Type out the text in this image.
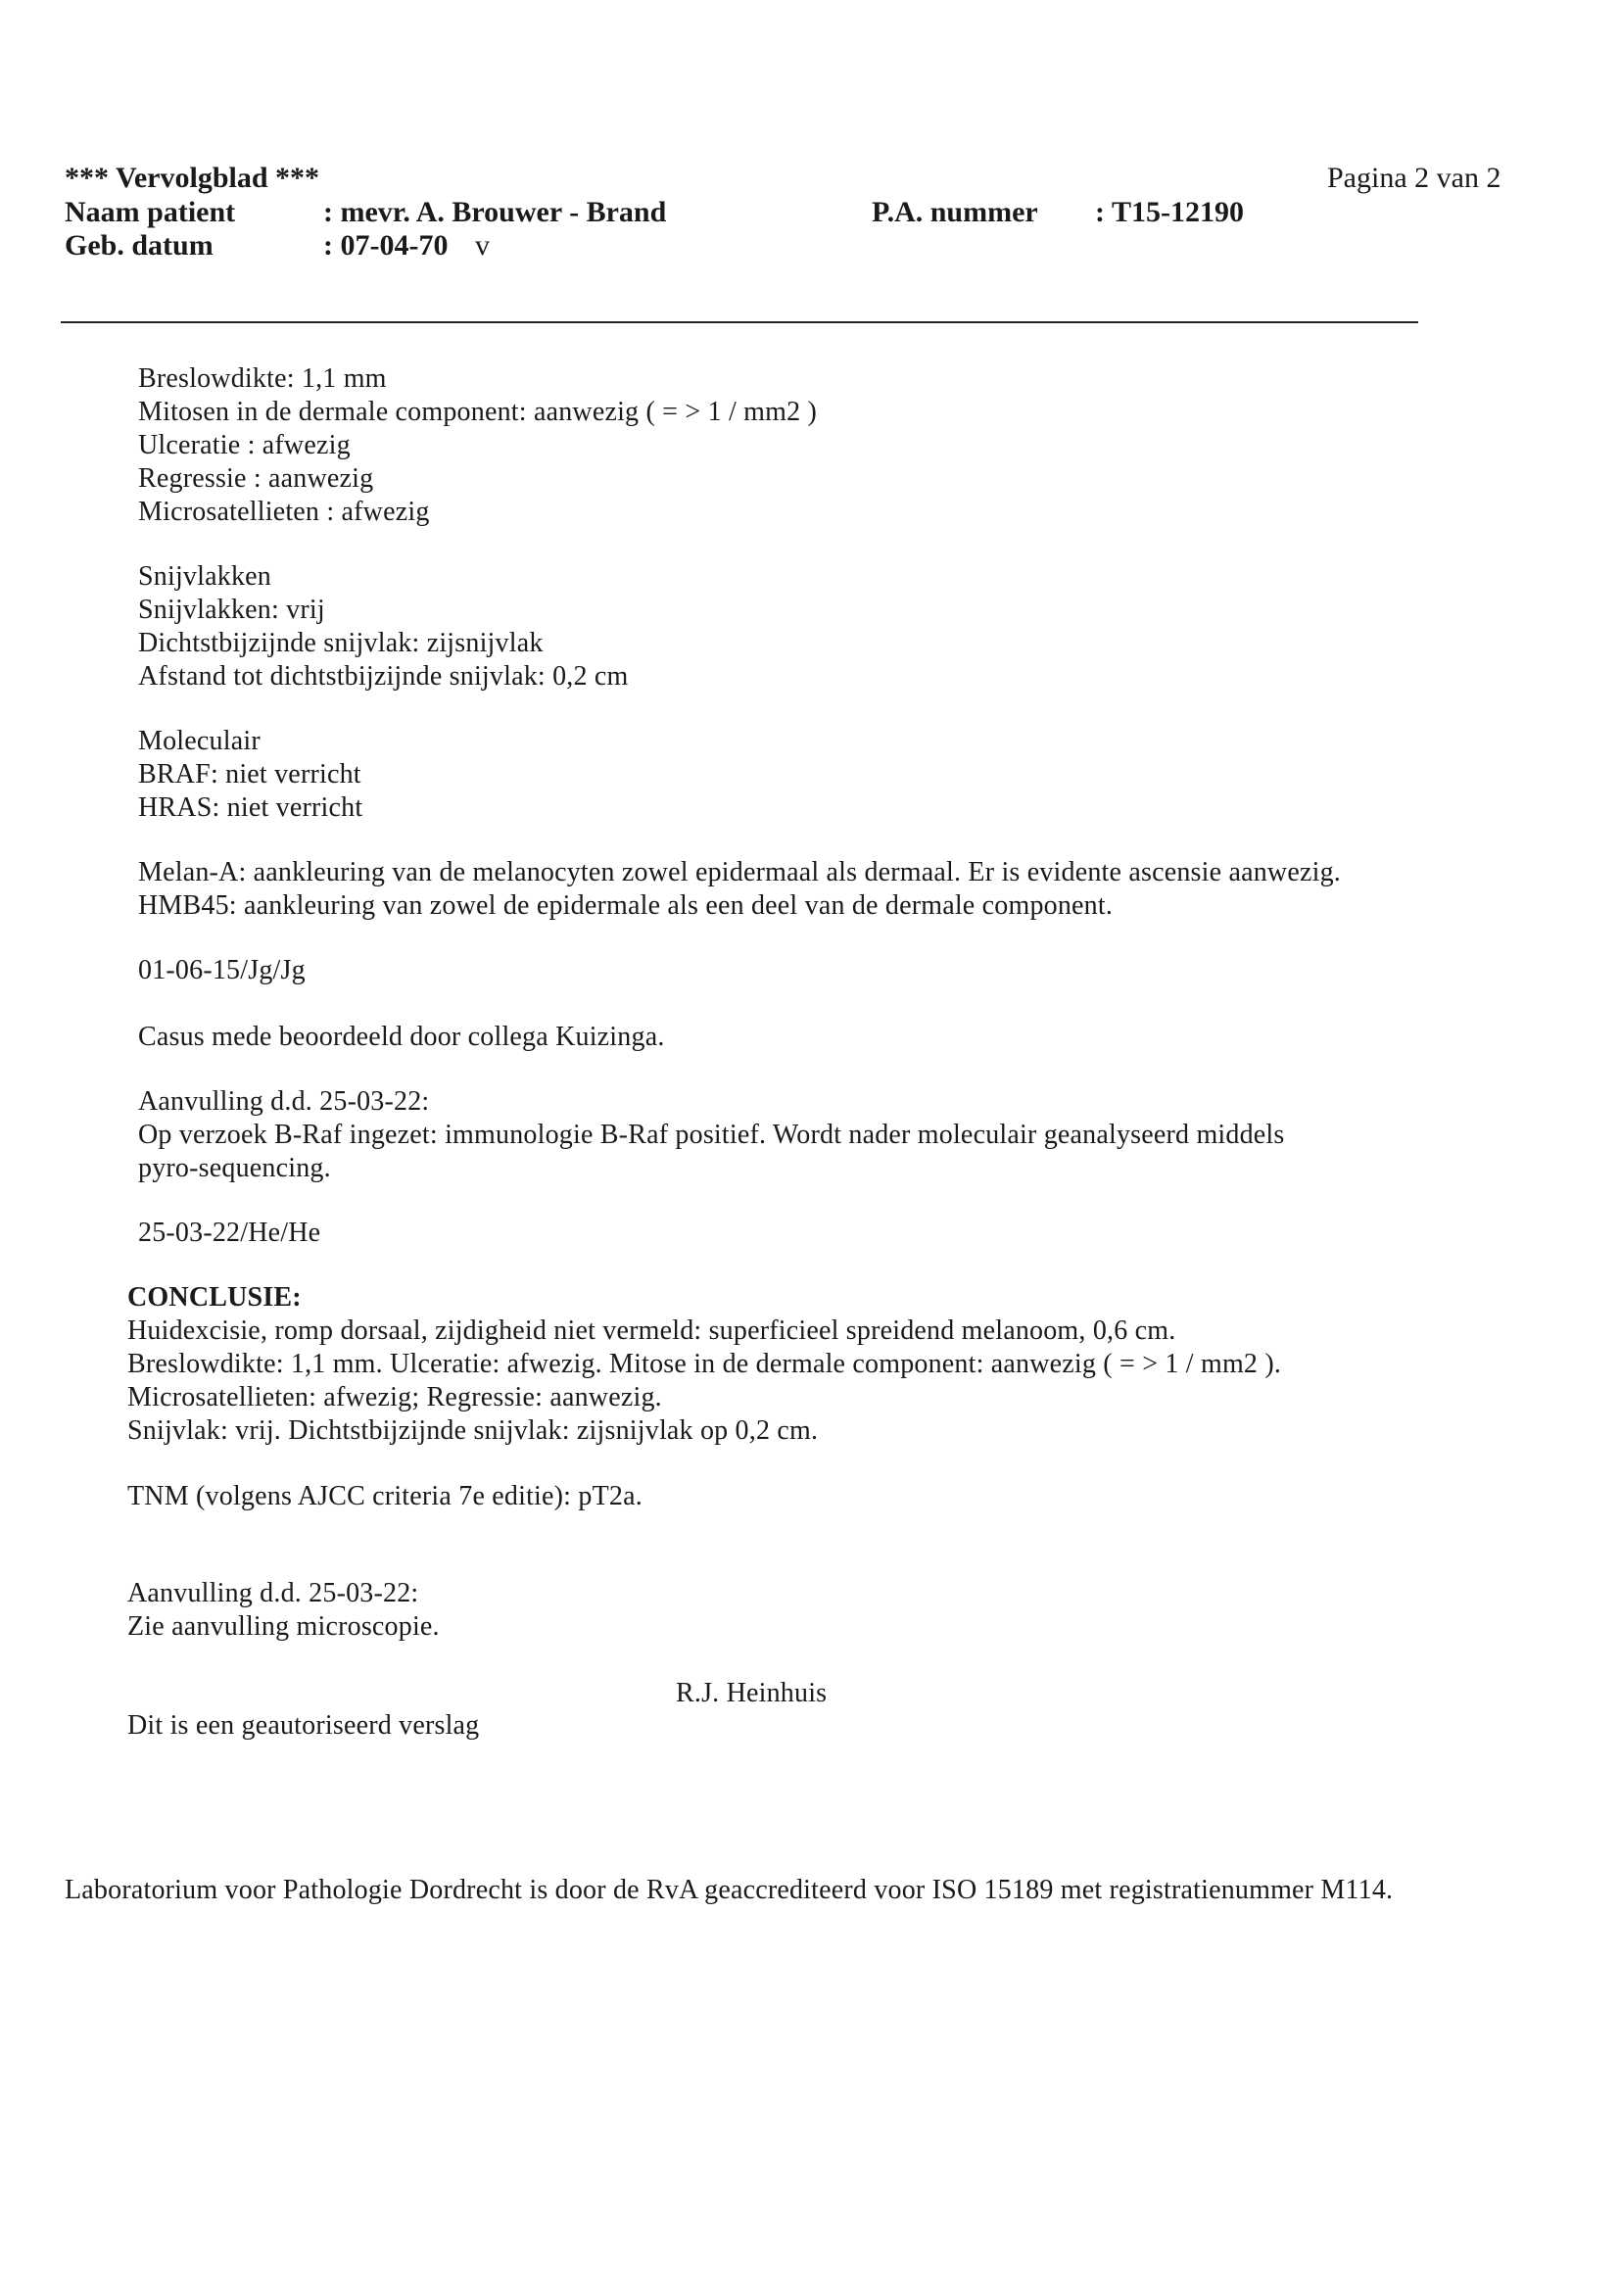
*** Vervolgblad ***	Pagina 2 van 2
Naam patient	: mevr. A. Brouwer - Brand	P.A. nummer : T15-12190
Geb. datum	: 07-04-70 v
Breslowdikte: 1,1 mm
Mitosen in de dermale component: aanwezig ( = > 1 / mm2 )
Ulceratie : afwezig
Regressie : aanwezig
Microsatellieten : afwezig
Snijvlakken
Snijvlakken: vrij
Dichtstbijzijnde snijvlak: zijsnijvlak
Afstand tot dichtstbijzijnde snijvlak: 0,2 cm
Moleculair
BRAF: niet verricht
HRAS: niet verricht
Melan-A: aankleuring van de melanocyten zowel epidermaal als dermaal. Er is evidente ascensie aanwezig.
HMB45: aankleuring van zowel de epidermale als een deel van de dermale component.
01-06-15/Jg/Jg
Casus mede beoordeeld door collega Kuizinga.
Aanvulling d.d. 25-03-22:
Op verzoek B-Raf ingezet: immunologie B-Raf positief. Wordt nader moleculair geanalyseerd middels
pyro-sequencing.
25-03-22/He/He
CONCLUSIE:
Huidexcisie, romp dorsaal, zijdigheid niet vermeld: superficieel spreidend melanoom, 0,6 cm.
Breslowdikte: 1,1 mm. Ulceratie: afwezig. Mitose in de dermale component: aanwezig ( = > 1 / mm2 ).
Microsatellieten: afwezig; Regressie: aanwezig.
Snijvlak: vrij. Dichtstbijzijnde snijvlak: zijsnijvlak op 0,2 cm.
TNM (volgens AJCC criteria 7e editie): pT2a.
Aanvulling d.d. 25-03-22:
Zie aanvulling microscopie.
R.J. Heinhuis
Dit is een geautoriseerd verslag
Laboratorium voor Pathologie Dordrecht is door de RvA geaccrediteerd voor ISO 15189 met registratienummer M114.
